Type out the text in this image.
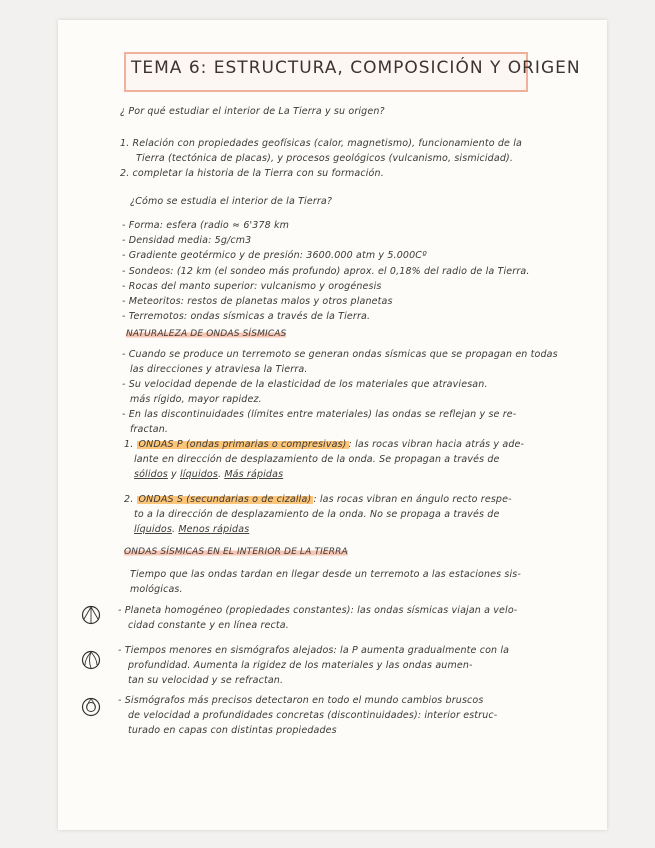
TEMA 6: ESTRUCTURA, COMPOSICIÓN Y ORIGEN
¿ Por qué estudiar el interior de La Tierra y su origen?
1. Relación con propiedades geofísicas (calor, magnetismo), funcionamiento de la
Tierra (tectónica de placas), y procesos geológicos (vulcanismo, sismicidad).
2. completar la historia de la Tierra con su formación.
¿Cómo se estudia el interior de la Tierra?
- Forma: esfera (radio ≈ 6'378 km
- Densidad media: 5g/cm3
- Gradiente geotérmico y de presión: 3600.000 atm y 5.000Cº
- Sondeos: (12 km (el sondeo más profundo) aprox. el 0,18% del radio de la Tierra.
- Rocas del manto superior: vulcanismo y orogénesis
- Meteoritos: restos de planetas malos y otros planetas
- Terremotos: ondas sísmicas a través de la Tierra.
NATURALEZA DE ONDAS SÍSMICAS
- Cuando se produce un terremoto se generan ondas sísmicas que se propagan en todas
las direcciones y atraviesa la Tierra.
- Su velocidad depende de la elasticidad de los materiales que atraviesan.
más rígido, mayor rapidez.
- En las discontinuidades (límites entre materiales) las ondas se reflejan y se re-
fractan.
1. ONDAS P (ondas primarias o compresivas) : las rocas vibran hacia atrás y ade-
lante en dirección de desplazamiento de la onda. Se propagan a través de
sólidos y líquidos. Más rápidas
2. ONDAS S (secundarias o de cizalla) : las rocas vibran en ángulo recto respe-
to a la dirección de desplazamiento de la onda. No se propaga a través de
líquidos. Menos rápidas
ONDAS SÍSMICAS EN EL INTERIOR DE LA TIERRA
Tiempo que las ondas tardan en llegar desde un terremoto a las estaciones sis-
mológicas.
- Planeta homogéneo (propiedades constantes): las ondas sísmicas viajan a velo-
cidad constante y en línea recta.
- Tiempos menores en sismógrafos alejados: la P aumenta gradualmente con la
profundidad. Aumenta la rigidez de los materiales y las ondas aumen-
tan su velocidad y se refractan.
- Sismógrafos más precisos detectaron en todo el mundo cambios bruscos
de velocidad a profundidades concretas (discontinuidades): interior estruc-
turado en capas con distintas propiedades
